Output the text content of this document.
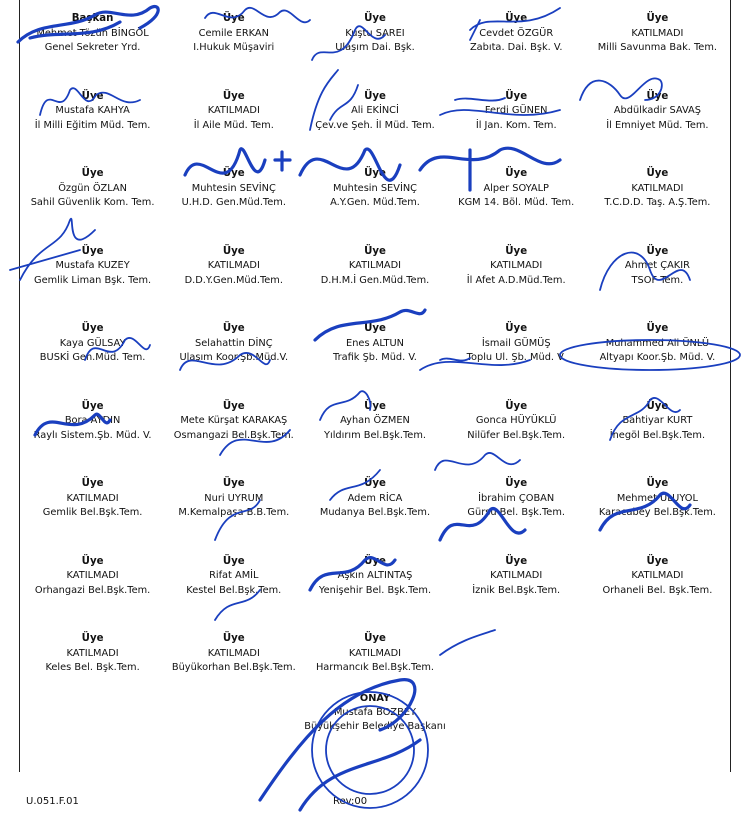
Başkan
Mehmet Tözün BİNGÖL
Genel Sekreter Yrd.
Üye
Cemile ERKAN
I.Hukuk Müşaviri
Üye
Kuştu SAREI
Ulaşım Dai. Bşk.
Üye
Cevdet ÖZGÜR
Zabıta. Dai. Bşk. V.
Üye
KATILMADI
Milli Savunma Bak. Tem.
Üye
Mustafa KAHYA
İl Milli Eğitim Müd. Tem.
Üye
KATILMADI
İl Aile Müd. Tem.
Üye
Ali EKİNCİ
Çev.ve Şeh. İl Müd. Tem.
Üye
Ferdi GÜNEN
İl Jan. Kom. Tem.
Üye
Abdülkadir SAVAŞ
İl Emniyet Müd. Tem.
Üye
Özgün ÖZLAN
Sahil Güvenlik Kom. Tem.
Üye
Muhtesin SEVİNÇ
U.H.D. Gen.Müd.Tem.
Üye
Muhtesin SEVİNÇ
A.Y.Gen. Müd.Tem.
Üye
Alper SOYALP
KGM 14. Böl. Müd. Tem.
Üye
KATILMADI
T.C.D.D. Taş. A.Ş.Tem.
Üye
Mustafa KUZEY
Gemlik Liman Bşk. Tem.
Üye
KATILMADI
D.D.Y.Gen.Müd.Tem.
Üye
KATILMADI
D.H.M.İ Gen.Müd.Tem.
Üye
KATILMADI
İl Afet A.D.Müd.Tem.
Üye
Ahmet ÇAKIR
TSOF Tem.
Üye
Kaya GÜLSAY
BUSKİ Gen.Müd. Tem.
Üye
Selahattin DİNÇ
Ulaşım Koor.Şb.Müd.V.
Üye
Enes ALTUN
Trafik Şb. Müd. V.
Üye
İsmail GÜMÜŞ
Toplu Ul. Şb. Müd. V.
Üye
Muhammed Ali ÜNLÜ
Altyapı Koor.Şb. Müd. V.
Üye
Bora AYDIN
Raylı Sistem.Şb. Müd. V.
Üye
Mete Kürşat KARAKAŞ
Osmangazi Bel.Bşk.Tem.
Üye
Ayhan ÖZMEN
Yıldırım Bel.Bşk.Tem.
Üye
Gonca HÜYÜKLÜ
Nilüfer Bel.Bşk.Tem.
Üye
Bahtiyar KURT
İnegöl Bel.Bşk.Tem.
Üye
KATILMADI
Gemlik Bel.Bşk.Tem.
Üye
Nuri UYRUM
M.Kemalpaşa B.B.Tem.
Üye
Adem RİCA
Mudanya Bel.Bşk.Tem.
Üye
İbrahim ÇOBAN
Gürsu Bel. Bşk.Tem.
Üye
Mehmet ULUYOL
Karacabey Bel.Bşk.Tem.
Üye
KATILMADI
Orhangazi Bel.Bşk.Tem.
Üye
Rifat AMİL
Kestel Bel.Bşk.Tem.
Üye
Aşkın ALTINTAŞ
Yenişehir Bel. Bşk.Tem.
Üye
KATILMADI
İznik Bel.Bşk.Tem.
Üye
KATILMADI
Orhaneli Bel. Bşk.Tem.
Üye
KATILMADI
Keles Bel. Bşk.Tem.
Üye
KATILMADI
Büyükorhan Bel.Bşk.Tem.
Üye
KATILMADI
Harmancık Bel.Bşk.Tem.
ONAY
Mustafa BOZBEY
Büyükşehir Belediye Başkanı
U.051.F.01	Rev:00
